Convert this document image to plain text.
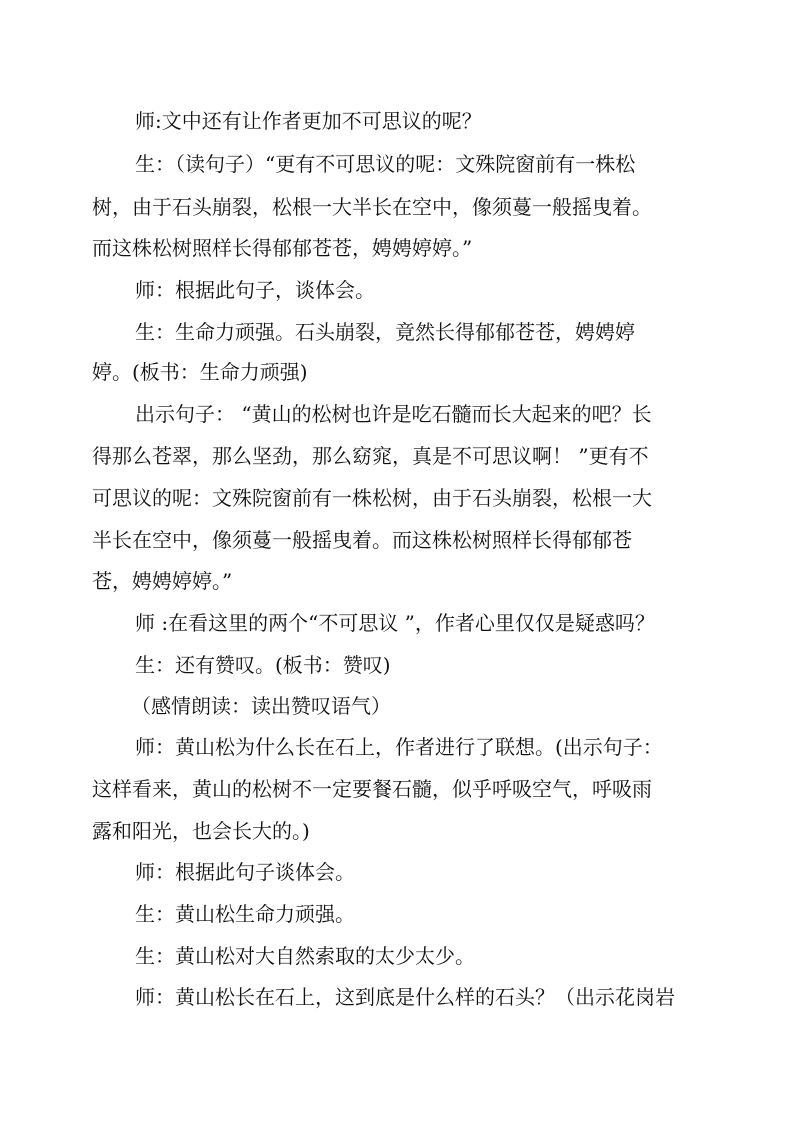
师:文中还有让作者更加不可思议的呢？
生：（读句子）“更有不可思议的呢：文殊院窗前有一株松
树，由于石头崩裂，松根一大半长在空中，像须蔓一般摇曳着。
而这株松树照样长得郁郁苍苍，娉娉婷婷。”
师：根据此句子，谈体会。
生：生命力顽强。石头崩裂，竟然长得郁郁苍苍，娉娉婷
婷。(板书：生命力顽强)
出示句子： “黄山的松树也许是吃石髓而长大起来的吧？长
得那么苍翠，那么坚劲，那么窈窕，真是不可思议啊！ ”更有不
可思议的呢：文殊院窗前有一株松树，由于石头崩裂，松根一大
半长在空中，像须蔓一般摇曳着。而这株松树照样长得郁郁苍
苍，娉娉婷婷。”
师 :在看这里的两个“不可思议 ”，作者心里仅仅是疑惑吗？
生：还有赞叹。(板书：赞叹)
（感情朗读：读出赞叹语气）
师：黄山松为什么长在石上，作者进行了联想。(出示句子：
这样看来，黄山的松树不一定要餐石髓，似乎呼吸空气，呼吸雨
露和阳光，也会长大的。)
师：根据此句子谈体会。
生：黄山松生命力顽强。
生：黄山松对大自然索取的太少太少。
师：黄山松长在石上，这到底是什么样的石头？（出示花岗岩
